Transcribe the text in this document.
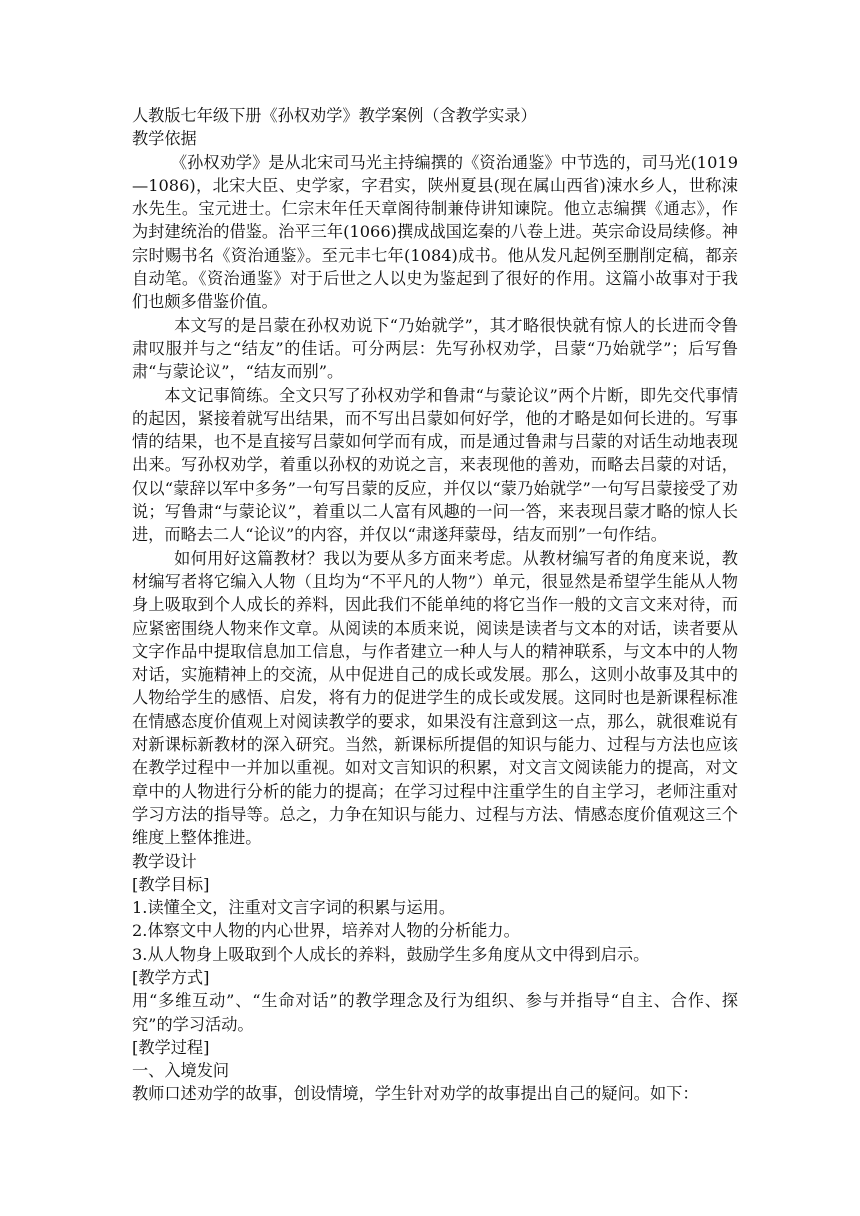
人教版七年级下册《孙权劝学》教学案例（含教学实录）

教学依据

《孙权劝学》是从北宋司马光主持编撰的《资治通鉴》中节选的，司马光(1019—1086)，北宋大臣、史学家，字君实，陕州夏县(现在属山西省)涑水乡人，世称涑水先生。宝元进士。仁宗末年任天章阁待制兼侍讲知谏院。他立志编撰《通志》，作为封建统治的借鉴。治平三年(1066)撰成战国迄秦的八卷上进。英宗命设局续修。神宗时赐书名《资治通鉴》。至元丰七年(1084)成书。他从发凡起例至删削定稿，都亲自动笔。《资治通鉴》对于后世之人以史为鉴起到了很好的作用。这篇小故事对于我们也颇多借鉴价值。

本文写的是吕蒙在孙权劝说下“乃始就学”，其才略很快就有惊人的长进而令鲁肃叹服并与之“结友”的佳话。可分两层：先写孙权劝学，吕蒙“乃始就学”；后写鲁肃“与蒙论议”，“结友而别”。

本文记事简练。全文只写了孙权劝学和鲁肃“与蒙论议”两个片断，即先交代事情的起因，紧接着就写出结果，而不写出吕蒙如何好学，他的才略是如何长进的。写事情的结果，也不是直接写吕蒙如何学而有成，而是通过鲁肃与吕蒙的对话生动地表现出来。写孙权劝学，着重以孙权的劝说之言，来表现他的善劝，而略去吕蒙的对话，仅以“蒙辞以军中多务”一句写吕蒙的反应，并仅以“蒙乃始就学”一句写吕蒙接受了劝说；写鲁肃“与蒙论议”，着重以二人富有风趣的一问一答，来表现吕蒙才略的惊人长进，而略去二人“论议”的内容，并仅以“肃遂拜蒙母，结友而别”一句作结。

如何用好这篇教材？我以为要从多方面来考虑。从教材编写者的角度来说，教材编写者将它编入人物（且均为“不平凡的人物”）单元，很显然是希望学生能从人物身上吸取到个人成长的养料，因此我们不能单纯的将它当作一般的文言文来对待，而应紧密围绕人物来作文章。从阅读的本质来说，阅读是读者与文本的对话，读者要从文字作品中提取信息加工信息，与作者建立一种人与人的精神联系，与文本中的人物对话，实施精神上的交流，从中促进自己的成长或发展。那么，这则小故事及其中的人物给学生的感悟、启发，将有力的促进学生的成长或发展。这同时也是新课程标准在情感态度价值观上对阅读教学的要求，如果没有注意到这一点，那么，就很难说有对新课标新教材的深入研究。当然，新课标所提倡的知识与能力、过程与方法也应该在教学过程中一并加以重视。如对文言知识的积累，对文言文阅读能力的提高，对文章中的人物进行分析的能力的提高；在学习过程中注重学生的自主学习，老师注重对学习方法的指导等。总之，力争在知识与能力、过程与方法、情感态度价值观这三个维度上整体推进。

教学设计

[教学目标]

1.读懂全文，注重对文言字词的积累与运用。

2.体察文中人物的内心世界，培养对人物的分析能力。

3.从人物身上吸取到个人成长的养料，鼓励学生多角度从文中得到启示。

[教学方式]

用“多维互动”、“生命对话”的教学理念及行为组织、参与并指导“自主、合作、探究”的学习活动。

[教学过程]

一、入境发问

教师口述劝学的故事，创设情境，学生针对劝学的故事提出自己的疑问。如下：
